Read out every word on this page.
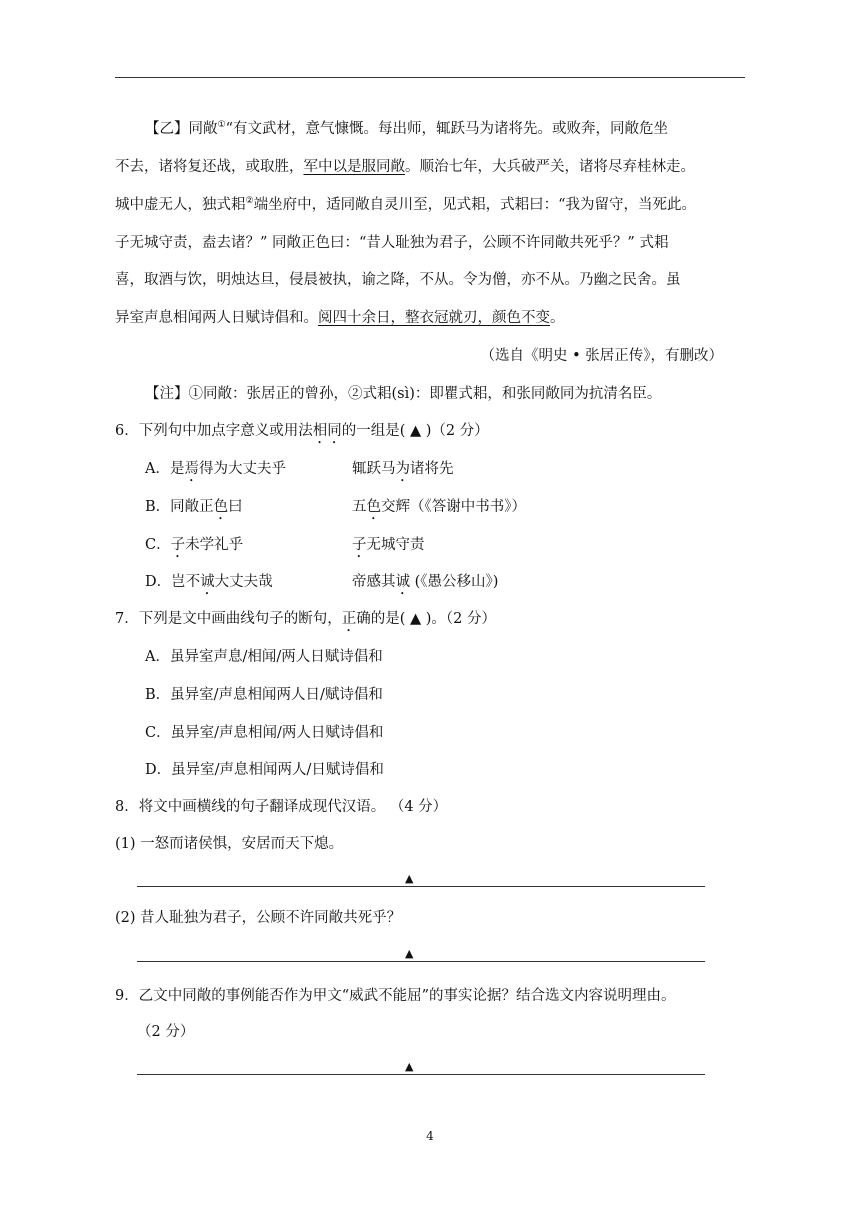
【乙】同敞①“有文武材，意气慷慨。每出师，辄跃马为诸将先。或败奔，同敞危坐
不去，诸将复还战，或取胜，军中以是服同敞。顺治七年，大兵破严关，诸将尽弃桂林走。
城中虚无人，独式耜②端坐府中，适同敞自灵川至，见式耜，式耜曰：“我为留守，当死此。
子无城守责，盍去诸？” 同敞正色曰：“昔人耻独为君子，公顾不许同敞共死乎？” 式耜
喜，取酒与饮，明烛达旦，侵晨被执，谕之降，不从。令为僧，亦不从。乃幽之民舍。虽
异室声息相闻两人日赋诗倡和。阅四十余日，整衣冠就刃，颜色不变。
（选自《明史 • 张居正传》，有删改）
【注】①同敞：张居正的曾孙，②式耜(sì)：即瞿式耜，和张同敞同为抗清名臣。
6．下列句中加点字意义或用法相同的一组是( ▲ )（2 分）
A．是焉得为大丈夫乎	辄跃马为诸将先
B．同敞正色曰	五色交辉（《答谢中书书》）
C．子未学礼乎	子无城守责
D．岂不诚大丈夫哉	帝感其诚 (《愚公移山》)
7．下列是文中画曲线句子的断句，正确的是( ▲ )。（2 分）
A．虽异室声息/相闻/两人日赋诗倡和
B．虽异室/声息相闻两人日/赋诗倡和
C．虽异室/声息相闻/两人日赋诗倡和
D．虽异室/声息相闻两人/日赋诗倡和
8．将文中画横线的句子翻译成现代汉语。 （4 分）
(1) 一怒而诸侯惧，安居而天下熄。
▲
(2) 昔人耻独为君子，公顾不许同敞共死乎？
▲
9．乙文中同敞的事例能否作为甲文“威武不能屈”的事实论据？结合选文内容说明理由。
（2 分）
▲
4
